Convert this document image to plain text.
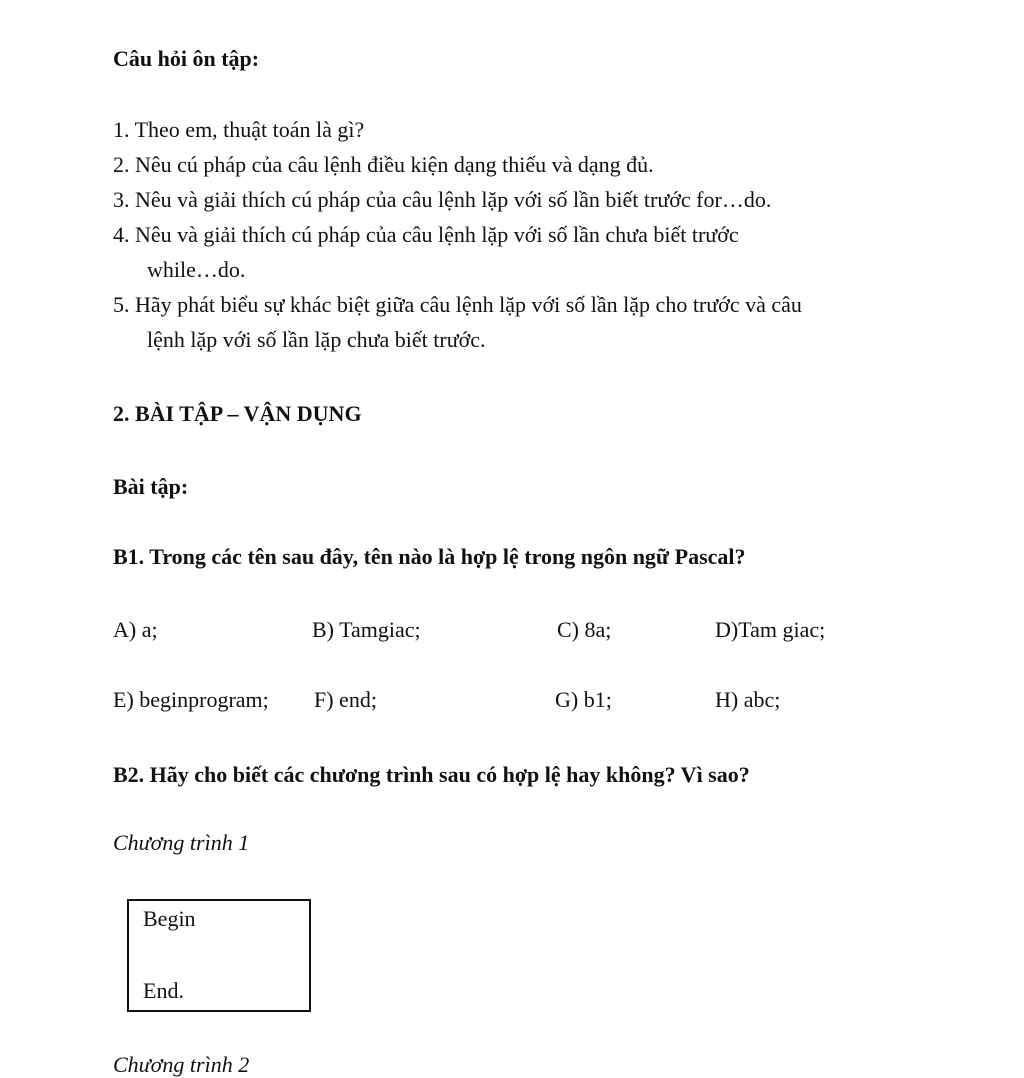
Câu hỏi ôn tập:
1. Theo em, thuật toán là gì?
2. Nêu cú pháp của câu lệnh điều kiện dạng thiếu và dạng đủ.
3. Nêu và giải thích cú pháp của câu lệnh lặp với số lần biết trước for…do.
4. Nêu và giải thích cú pháp của câu lệnh lặp với số lần chưa biết trước
while…do.
5. Hãy phát biểu sự khác biệt giữa câu lệnh lặp với số lần lặp cho trước và câu
lệnh lặp với số lần lặp chưa biết trước.
2. BÀI TẬP – VẬN DỤNG
Bài tập:
B1. Trong các tên sau đây, tên nào là hợp lệ trong ngôn ngữ Pascal?
A) a;	B) Tamgiac;	C) 8a;	D)Tam giac;
E) beginprogram; F) end;	G) b1;	H) abc;
B2. Hãy cho biết các chương trình sau có hợp lệ hay không? Vì sao?
Chương trình 1
Begin
End.
Chương trình 2
